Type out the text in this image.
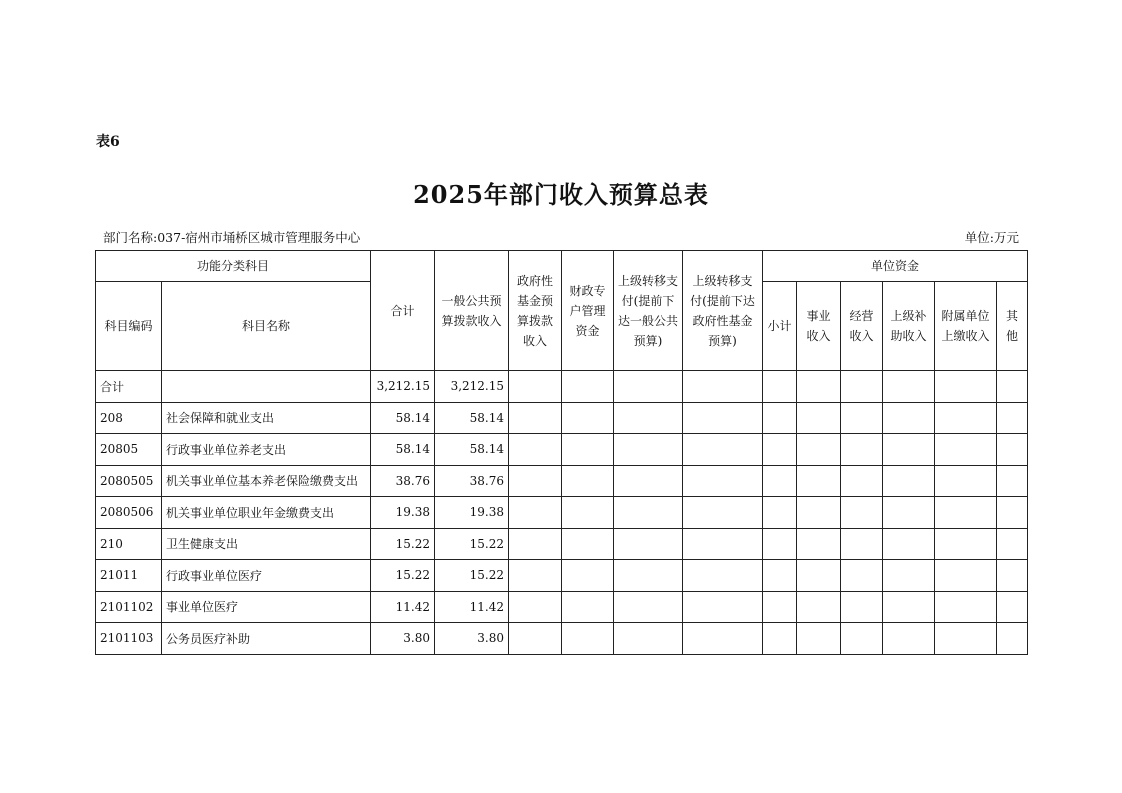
表6
2025年部门收入预算总表
部门名称:037-宿州市埇桥区城市管理服务中心	单位:万元
功能分类科目		合计	一般公共预算拨款收入	政府性基金预算拨款收入	财政专户管理资金	上级转移支付(提前下达一般公共预算)	上级转移支付(提前下达政府性基金预算)	单位资金					
科目编码	科目名称							小计	事业收入	经营收入	上级补助收入	附属单位上缴收入	其他
合计		3,212.15	3,212.15										
208	社会保障和就业支出	58.14	58.14										
20805	行政事业单位养老支出	58.14	58.14										
2080505	机关事业单位基本养老保险缴费支出	38.76	38.76										
2080506	机关事业单位职业年金缴费支出	19.38	19.38										
210	卫生健康支出	15.22	15.22										
21011	行政事业单位医疗	15.22	15.22										
2101102	事业单位医疗	11.42	11.42										
2101103	公务员医疗补助	3.80	3.80										
